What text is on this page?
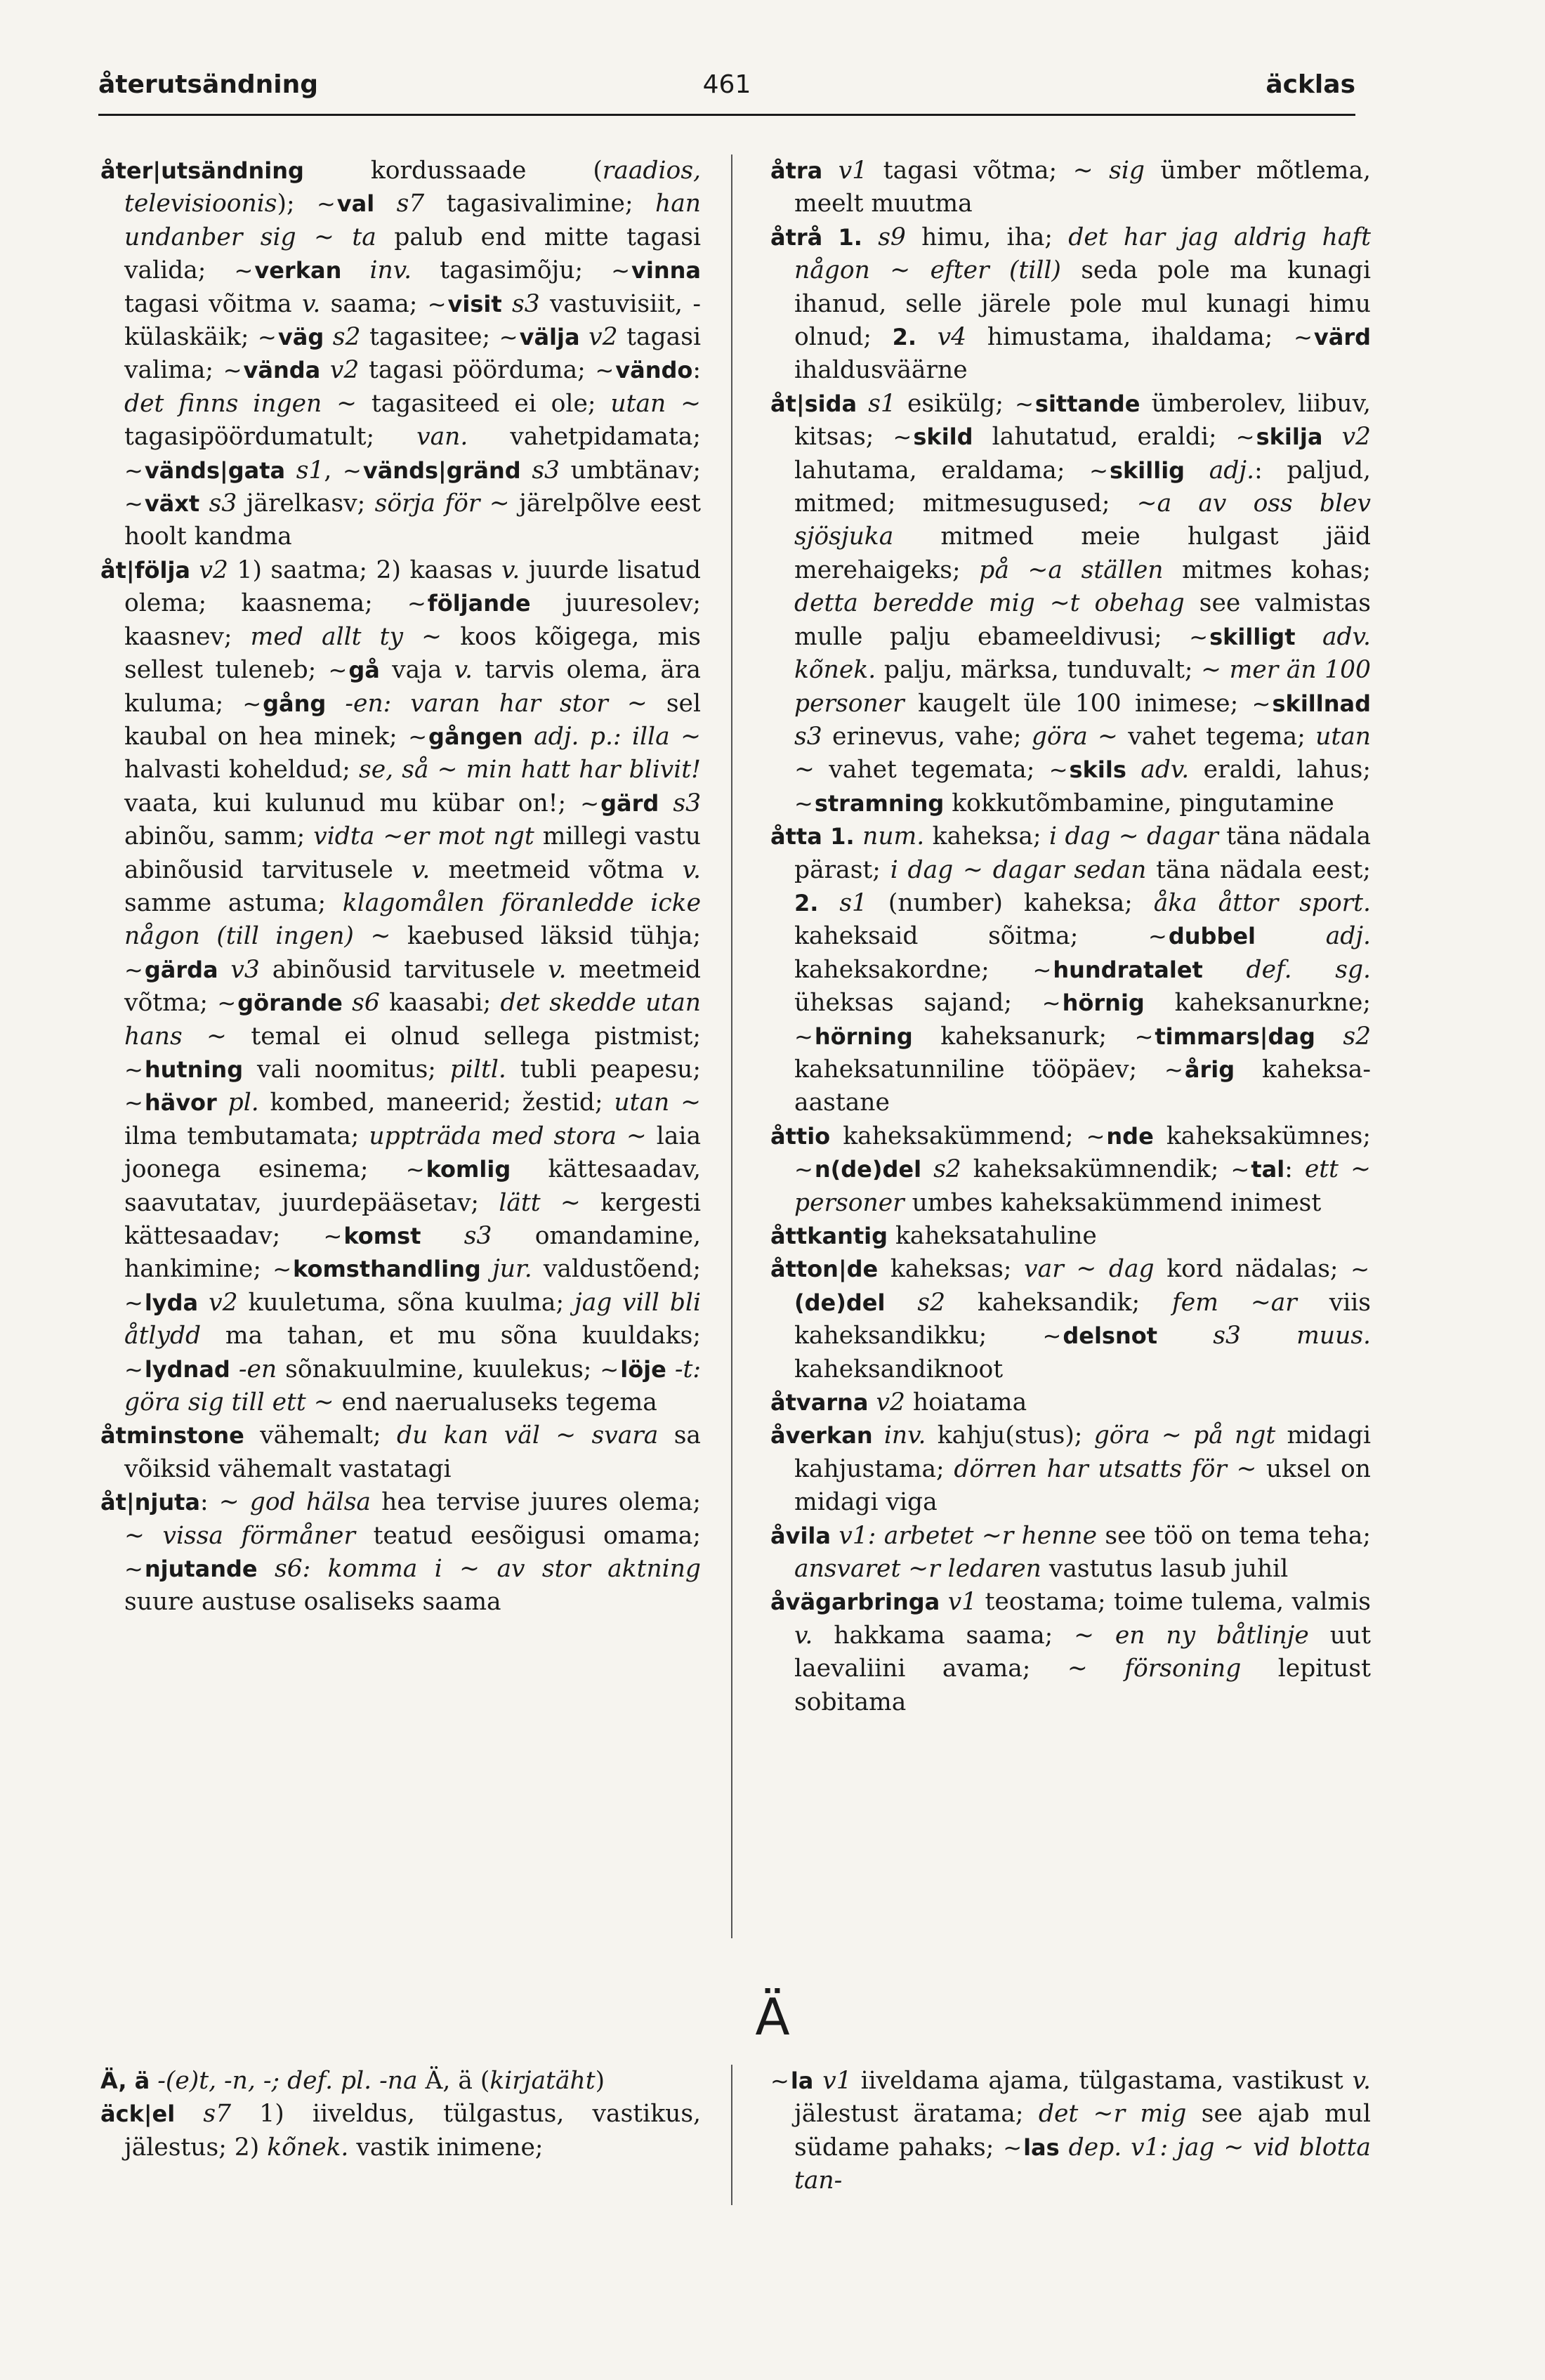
återutsändning	461	äcklas

åter|utsändning kordussaade (raadios, televisioonis); ~ val s7 tagasivalimine; han undanber sig ~ ta palub end mitte tagasi valida; ~ verkan inv. tagasimõju; ~ vinna tagasi võitma v. saama; ~ visit s3 vastuvisiit, -külaskäik; ~ väg s2 tagasitee; ~ välja v2 tagasi valima; ~ vända v2 tagasi pöörduma; ~ vändo: det finns ingen ~ tagasiteed ei ole; utan ~ tagasipöördumatult; van. vahetpidamata; ~ vänds|gata s1, ~ vänds|gränd s3 umbtänav; ~ växt s3 järelkasv; sörja för ~ järelpõlve eest hoolt kandma

åt|följa v2 1) saatma; 2) kaasas v. juurde lisatud olema; kaasnema; ~ följande juuresolev; kaasnev; med allt ty ~ koos kõigega, mis sellest tuleneb; ~ gå vaja v. tarvis olema, ära kuluma; ~ gång -en: varan har stor ~ sel kaubal on hea minek; ~ gången adj. p.: illa ~ halvasti koheldud; se, så ~ min hatt har blivit! vaata, kui kulunud mu kübar on!; ~ gärd s3 abinõu, samm; vidta ~er mot ngt millegi vastu abinõusid tarvitusele v. meetmeid võtma v. samme astuma; klagomålen föranledde icke någon (till ingen) ~ kaebused läksid tühja; ~ gärda v3 abinõusid tarvitusele v. meetmeid võtma; ~ görande s6 kaasabi; det skedde utan hans ~ temal ei olnud sellega pistmist; ~ hutning vali noomitus; piltl. tubli peapesu; ~ hävor pl. kombed, maneerid; žestid; utan ~ ilma tembutamata; uppträda med stora ~ laia joonega esinema; ~ komlig kättesaadav, saavutatav, juurdepääsetav; lätt ~ kergesti kättesaadav; ~ komst s3 omandamine, hankimine; ~ komsthandling jur. valdustõend; ~ lyda v2 kuuletuma, sõna kuulma; jag vill bli åtlydd ma tahan, et mu sõna kuuldaks; ~ lydnad -en sõnakuulmine, kuulekus; ~ löje -t: göra sig till ett ~ end naerualuseks tegema

åtminstone vähemalt; du kan väl ~ svara sa võiksid vähemalt vastatagi

åt|njuta: ~ god hälsa hea tervise juures olema; ~ vissa förmåner teatud eesõigusi omama; ~ njutande s6: komma i ~ av stor aktning suure austuse osaliseks saama

åtra v1 tagasi võtma; ~ sig ümber mõtlema, meelt muutma

åtrå 1. s9 himu, iha; det har jag aldrig haft någon ~ efter (till) seda pole ma kunagi ihanud, selle järele pole mul kunagi himu olnud; 2. v4 himustama, ihaldama; ~ värd ihaldusväärne

åt|sida s1 esikülg; ~ sittande ümberolev, liibuv, kitsas; ~ skild lahutatud, eraldi; ~ skilja v2 lahutama, eraldama; ~ skillig adj.: paljud, mitmed; mitmesugused; ~a av oss blev sjösjuka mitmed meie hulgast jäid merehaigeks; på ~a ställen mitmes kohas; detta beredde mig ~t obehag see valmistas mulle palju ebameeldivusi; ~ skilligt adv. kõnek. palju, märksa, tunduvalt; ~ mer än 100 personer kaugelt üle 100 inimese; ~ skillnad s3 erinevus, vahe; göra ~ vahet tegema; utan ~ vahet tegemata; ~ skils adv. eraldi, lahus; ~ stramning kokkutõmbamine, pingutamine

åtta 1. num. kaheksa; i dag ~ dagar täna nädala pärast; i dag ~ dagar sedan täna nädala eest; 2. s1 (number) kaheksa; åka åttor sport. kaheksaid sõitma; ~ dubbel	adj. kaheksakordne; ~ hundratalet def. sg. üheksas sajand; ~ hörnig kaheksanurkne; ~ hörning kaheksanurk; ~ timmars|dag s2 kaheksatunniline tööpäev; ~ årig kaheksa-aastane

åttio kaheksakümmend; ~ nde kaheksakümnes; ~ n(de)del s2 kaheksakümnendik; ~ tal: ett ~ personer umbes kaheksakümmend inimest

åttkantig kaheksatahuline

åtton|de kaheksas; var ~ dag kord nädalas; ~ (de)del s2 kaheksandik; fem ~ar viis kaheksandikku; ~ delsnot s3 muus. kaheksandiknoot

åtvarna v2 hoiatama

åverkan inv. kahju(stus); göra ~ på ngt midagi kahjustama; dörren har utsatts för ~ uksel on midagi viga

åvila v1: arbetet ~r henne see töö on tema teha; ansvaret ~r ledaren vastutus lasub juhil

åvägarbringa v1 teostama; toime tulema, valmis v. hakkama saama; ~ en ny båtlinje uut laevaliini avama; ~ försoning lepitust sobitama

Ä

Ä, ä -(e)t, -n, -; def. pl. -na Ä, ä (kirjatäht)

äck|el s7 1) iiveldus, tülgastus, vastikus, jälestus; 2) kõnek. vastik inimene;

~ la v1 iiveldama ajama, tülgastama, vastikust v. jälestust äratama; det ~r mig see ajab mul südame pahaks; ~ las dep. v1: jag ~ vid blotta tan-
